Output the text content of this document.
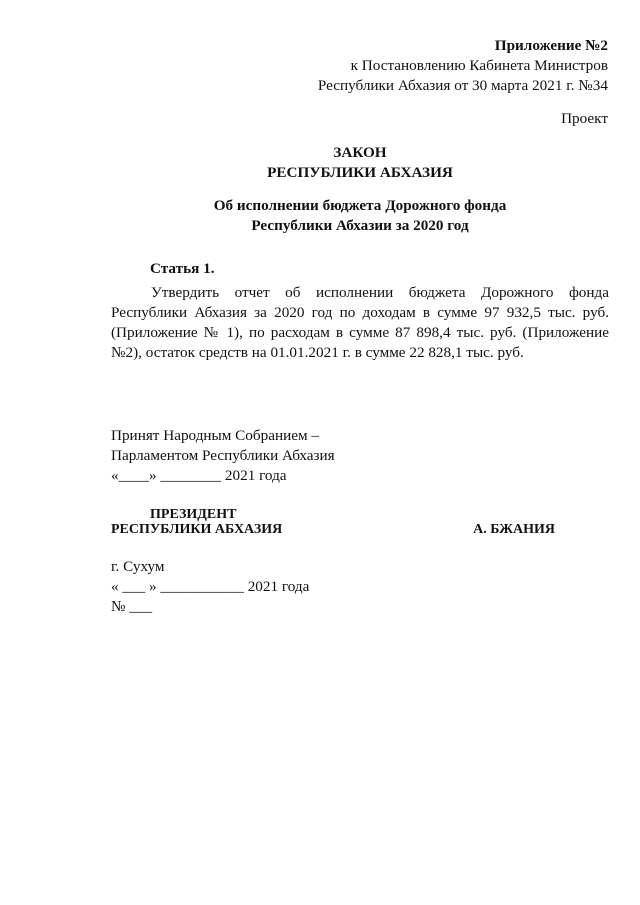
Приложение №2
к Постановлению Кабинета Министров
Республики Абхазия от 30 марта 2021 г. №34
Проект
ЗАКОН
РЕСПУБЛИКИ АБХАЗИЯ
Об исполнении бюджета Дорожного фонда
Республики Абхазии за 2020 год
Статья 1.
Утвердить отчет об исполнении бюджета Дорожного фонда Республики Абхазия за 2020 год по доходам в сумме 97 932,5 тыс. руб. (Приложение № 1), по расходам в сумме 87 898,4 тыс. руб. (Приложение №2), остаток средств на 01.01.2021 г. в сумме 22 828,1 тыс. руб.
Принят Народным Собранием –
Парламентом Республики Абхазия
«____» ________ 2021 года
ПРЕЗИДЕНТ
РЕСПУБЛИКИ АБХАЗИЯ	А. БЖАНИЯ
г. Сухум
« ___ » ___________ 2021 года
№ ___
